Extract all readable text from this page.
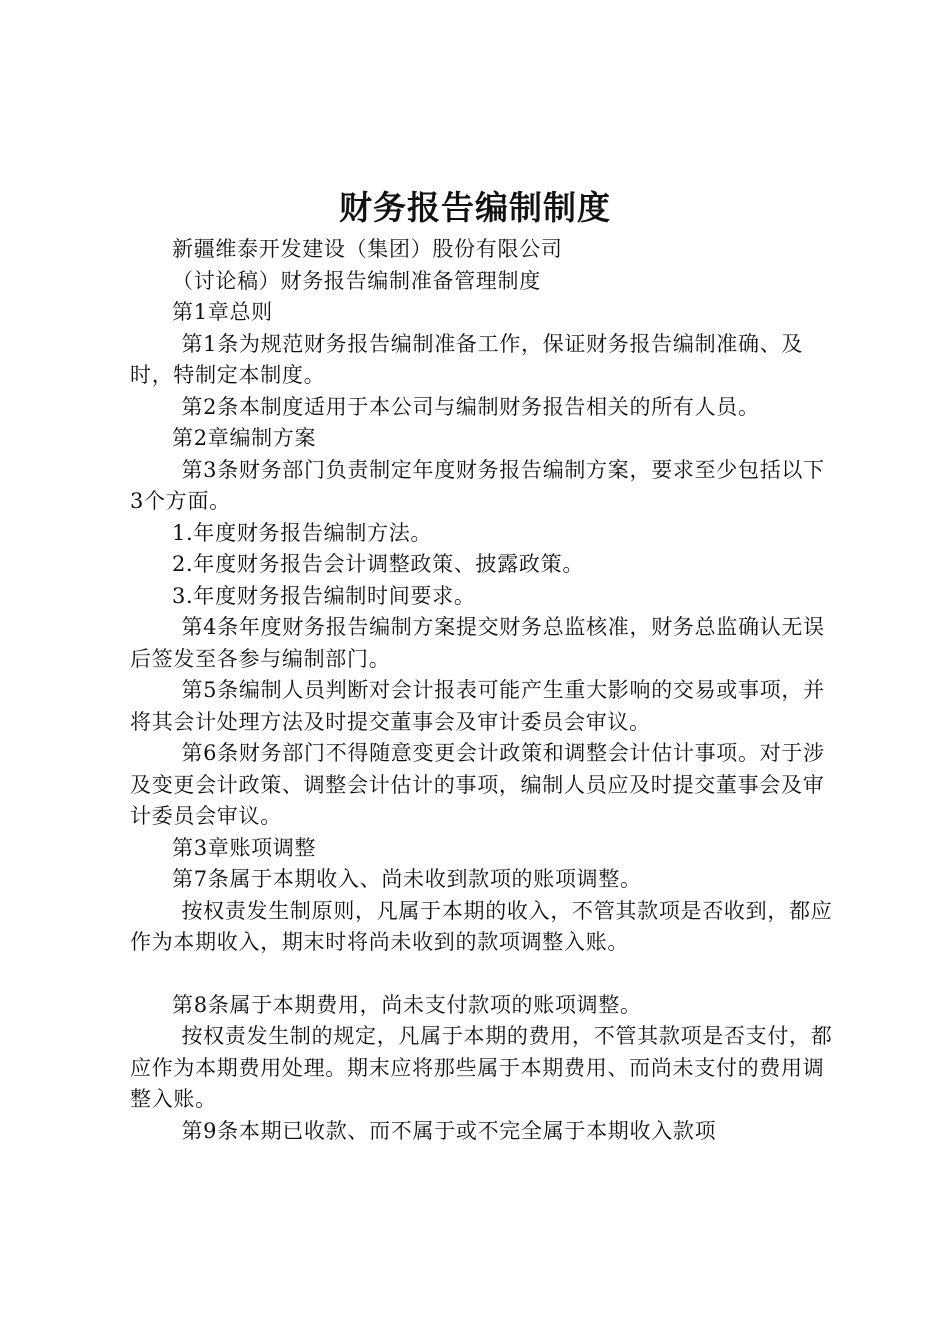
财务报告编制制度

新疆维泰开发建设（集团）股份有限公司

（讨论稿）财务报告编制准备管理制度

第1章总则

第1条为规范财务报告编制准备工作，保证财务报告编制准确、及时，特制定本制度。

第2条本制度适用于本公司与编制财务报告相关的所有人员。

第2章编制方案

第3条财务部门负责制定年度财务报告编制方案，要求至少包括以下3个方面。

1.年度财务报告编制方法。

2.年度财务报告会计调整政策、披露政策。

3.年度财务报告编制时间要求。

第4条年度财务报告编制方案提交财务总监核准，财务总监确认无误后签发至各参与编制部门。

第5条编制人员判断对会计报表可能产生重大影响的交易或事项，并将其会计处理方法及时提交董事会及审计委员会审议。

第6条财务部门不得随意变更会计政策和调整会计估计事项。对于涉及变更会计政策、调整会计估计的事项，编制人员应及时提交董事会及审计委员会审议。

第3章账项调整

第7条属于本期收入、尚未收到款项的账项调整。

按权责发生制原则，凡属于本期的收入，不管其款项是否收到，都应作为本期收入，期末时将尚未收到的款项调整入账。

第8条属于本期费用，尚未支付款项的账项调整。

按权责发生制的规定，凡属于本期的费用，不管其款项是否支付，都应作为本期费用处理。期末应将那些属于本期费用、而尚未支付的费用调整入账。

第9条本期已收款、而不属于或不完全属于本期收入款项
